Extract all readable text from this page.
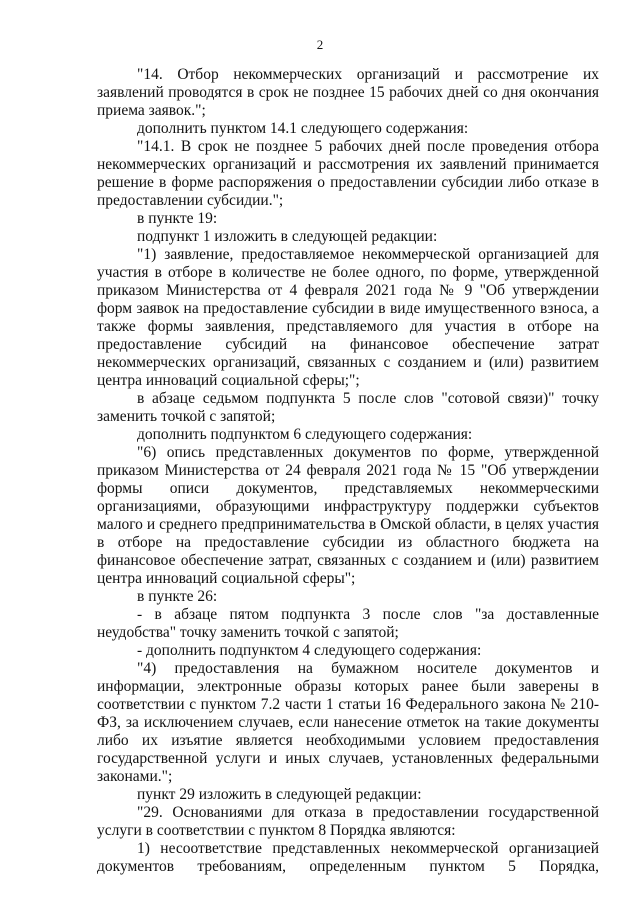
2

"14. Отбор некоммерческих организаций и рассмотрение их заявлений проводятся в срок не позднее 15 рабочих дней со дня окончания приема заявок.";

дополнить пунктом 14.1 следующего содержания:

"14.1. В срок не позднее 5 рабочих дней после проведения отбора некоммерческих организаций и рассмотрения их заявлений принимается решение в форме распоряжения о предоставлении субсидии либо отказе в предоставлении субсидии.";

в пункте 19:

подпункт 1 изложить в следующей редакции:

"1) заявление, предоставляемое некоммерческой организацией для участия в отборе в количестве не более одного, по форме, утвержденной приказом Министерства от 4 февраля 2021 года № 9 "Об утверждении форм заявок на предоставление субсидии в виде имущественного взноса, а также формы заявления, представляемого для участия в отборе на предоставление субсидий на финансовое обеспечение затрат некоммерческих организаций, связанных с созданием и (или) развитием центра инноваций социальной сферы;";

в абзаце седьмом подпункта 5 после слов "сотовой связи)" точку заменить точкой с запятой;

дополнить подпунктом 6 следующего содержания:

"6) опись представленных документов по форме, утвержденной приказом Министерства от 24 февраля 2021 года № 15 "Об утверждении формы описи документов, представляемых некоммерческими организациями, образующими инфраструктуру поддержки субъектов малого и среднего предпринимательства в Омской области, в целях участия в отборе на предоставление субсидии из областного бюджета на финансовое обеспечение затрат, связанных с созданием и (или) развитием центра инноваций социальной сферы";

в пункте 26:

- в абзаце пятом подпункта 3 после слов "за доставленные неудобства" точку заменить точкой с запятой;

- дополнить подпунктом 4 следующего содержания:

"4) предоставления на бумажном носителе документов и информации, электронные образы которых ранее были заверены в соответствии с пунктом 7.2 части 1 статьи 16 Федерального закона № 210-ФЗ, за исключением случаев, если нанесение отметок на такие документы либо их изъятие является необходимыми условием предоставления государственной услуги и иных случаев, установленных федеральными законами.";

пункт 29 изложить в следующей редакции:

"29. Основаниями для отказа в предоставлении государственной услуги в соответствии с пунктом 8 Порядка являются:

1) несоответствие представленных некоммерческой организацией документов требованиям, определенным пунктом 5 Порядка,
